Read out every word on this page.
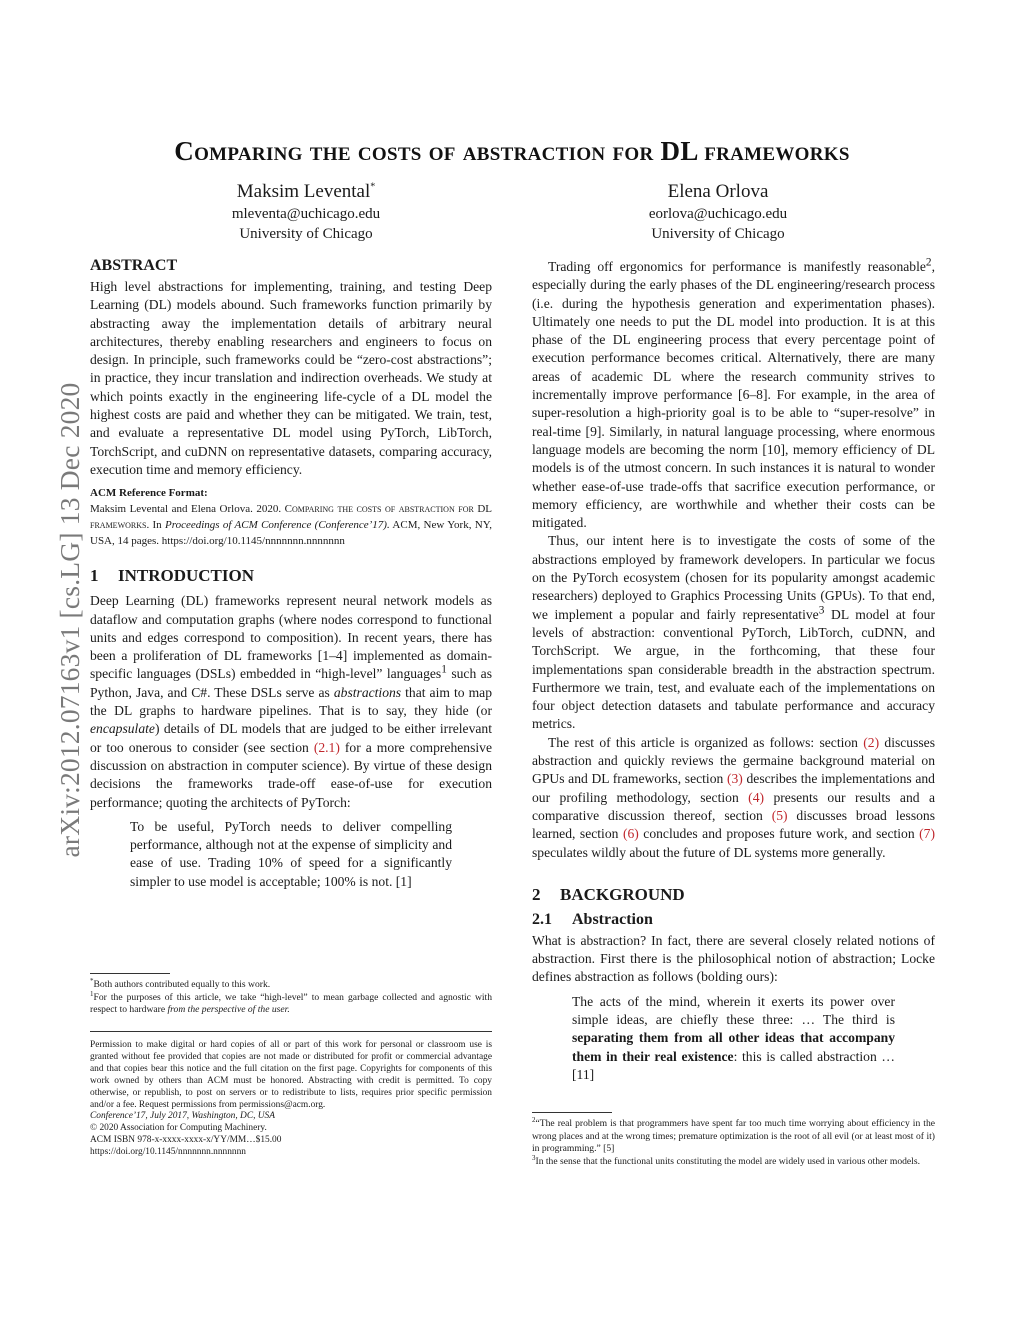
arXiv:2012.07163v1 [cs.LG] 13 Dec 2020
Comparing the costs of abstraction for DL frameworks
Maksim Levental*
mleventa@uchicago.edu
University of Chicago
Elena Orlova
eorlova@uchicago.edu
University of Chicago
ABSTRACT

High level abstractions for implementing, training, and testing Deep Learning (DL) models abound. Such frameworks function primarily by abstracting away the implementation details of arbitrary neural architectures, thereby enabling researchers and engineers to focus on design. In principle, such frameworks could be “zero-cost abstractions”; in practice, they incur translation and indirection overheads. We study at which points exactly in the engineering life-cycle of a DL model the highest costs are paid and whether they can be mitigated. We train, test, and evaluate a representative DL model using PyTorch, LibTorch, TorchScript, and cuDNN on representative datasets, comparing accuracy, execution time and memory efficiency.

ACM Reference Format:
Maksim Levental and Elena Orlova. 2020. Comparing the costs of abstraction for DL frameworks. In Proceedings of ACM Conference (Conference’17). ACM, New York, NY, USA, 14 pages. https://doi.org/10.1145/nnnnnnn.nnnnnnn
1 INTRODUCTION

Deep Learning (DL) frameworks represent neural network models as dataflow and computation graphs (where nodes correspond to functional units and edges correspond to composition). In recent years, there has been a proliferation of DL frameworks [1–4] implemented as domain-specific languages (DSLs) embedded in “high-level” languages$^1$ such as Python, Java, and C#. These DSLs serve as abstractions that aim to map the DL graphs to hardware pipelines. That is to say, they hide (or encapsulate) details of DL models that are judged to be either irrelevant or too onerous to consider (see section (2.1) for a more comprehensive discussion on abstraction in computer science). By virtue of these design decisions the frameworks trade-off ease-of-use for execution performance; quoting the architects of PyTorch:

To be useful, PyTorch needs to deliver compelling performance, although not at the expense of simplicity and ease of use. Trading 10% of speed for a significantly simpler to use model is acceptable; 100% is not. [1]
*Both authors contributed equally to this work.
$^1$For the purposes of this article, we take “high-level” to mean garbage collected and agnostic with respect to hardware from the perspective of the user.
Permission to make digital or hard copies of all or part of this work for personal or classroom use is granted without fee provided that copies are not made or distributed for profit or commercial advantage and that copies bear this notice and the full citation on the first page. Copyrights for components of this work owned by others than ACM must be honored. Abstracting with credit is permitted. To copy otherwise, or republish, to post on servers or to redistribute to lists, requires prior specific permission and/or a fee. Request permissions from permissions@acm.org.
Conference’17, July 2017, Washington, DC, USA
© 2020 Association for Computing Machinery.
ACM ISBN 978-x-xxxx-xxxx-x/YY/MM…$15.00
https://doi.org/10.1145/nnnnnnn.nnnnnnn

Trading off ergonomics for performance is manifestly reasonable$^2$, especially during the early phases of the DL engineering/research process (i.e. during the hypothesis generation and experimentation phases). Ultimately one needs to put the DL model into production. It is at this phase of the DL engineering process that every percentage point of execution performance becomes critical. Alternatively, there are many areas of academic DL where the research community strives to incrementally improve performance [6–8]. For example, in the area of super-resolution a high-priority goal is to be able to “super-resolve” in real-time [9]. Similarly, in natural language processing, where enormous language models are becoming the norm [10], memory efficiency of DL models is of the utmost concern. In such instances it is natural to wonder whether ease-of-use trade-offs that sacrifice execution performance, or memory efficiency, are worthwhile and whether their costs can be mitigated.

Thus, our intent here is to investigate the costs of some of the abstractions employed by framework developers. In particular we focus on the PyTorch ecosystem (chosen for its popularity amongst academic researchers) deployed to Graphics Processing Units (GPUs). To that end, we implement a popular and fairly representative$^3$ DL model at four levels of abstraction: conventional PyTorch, LibTorch, cuDNN, and TorchScript. We argue, in the forthcoming, that these four implementations span considerable breadth in the abstraction spectrum. Furthermore we train, test, and evaluate each of the implementations on four object detection datasets and tabulate performance and accuracy metrics.

The rest of this article is organized as follows: section (2) discusses abstraction and quickly reviews the germaine background material on GPUs and DL frameworks, section (3) describes the implementations and our profiling methodology, section (4) presents our results and a comparative discussion thereof, section (5) discusses broad lessons learned, section (6) concludes and proposes future work, and section (7) speculates wildly about the future of DL systems more generally.

2 BACKGROUND
2.1 Abstraction

What is abstraction? In fact, there are several closely related notions of abstraction. First there is the philosophical notion of abstraction; Locke defines abstraction as follows (bolding ours):

The acts of the mind, wherein it exerts its power over simple ideas, are chiefly these three: … The third is separating them from all other ideas that accompany them in their real existence: this is called abstraction … [11]
$^2$“The real problem is that programmers have spent far too much time worrying about efficiency in the wrong places and at the wrong times; premature optimization is the root of all evil (or at least most of it) in programming.” [5]
$^3$In the sense that the functional units constituting the model are widely used in various other models.
